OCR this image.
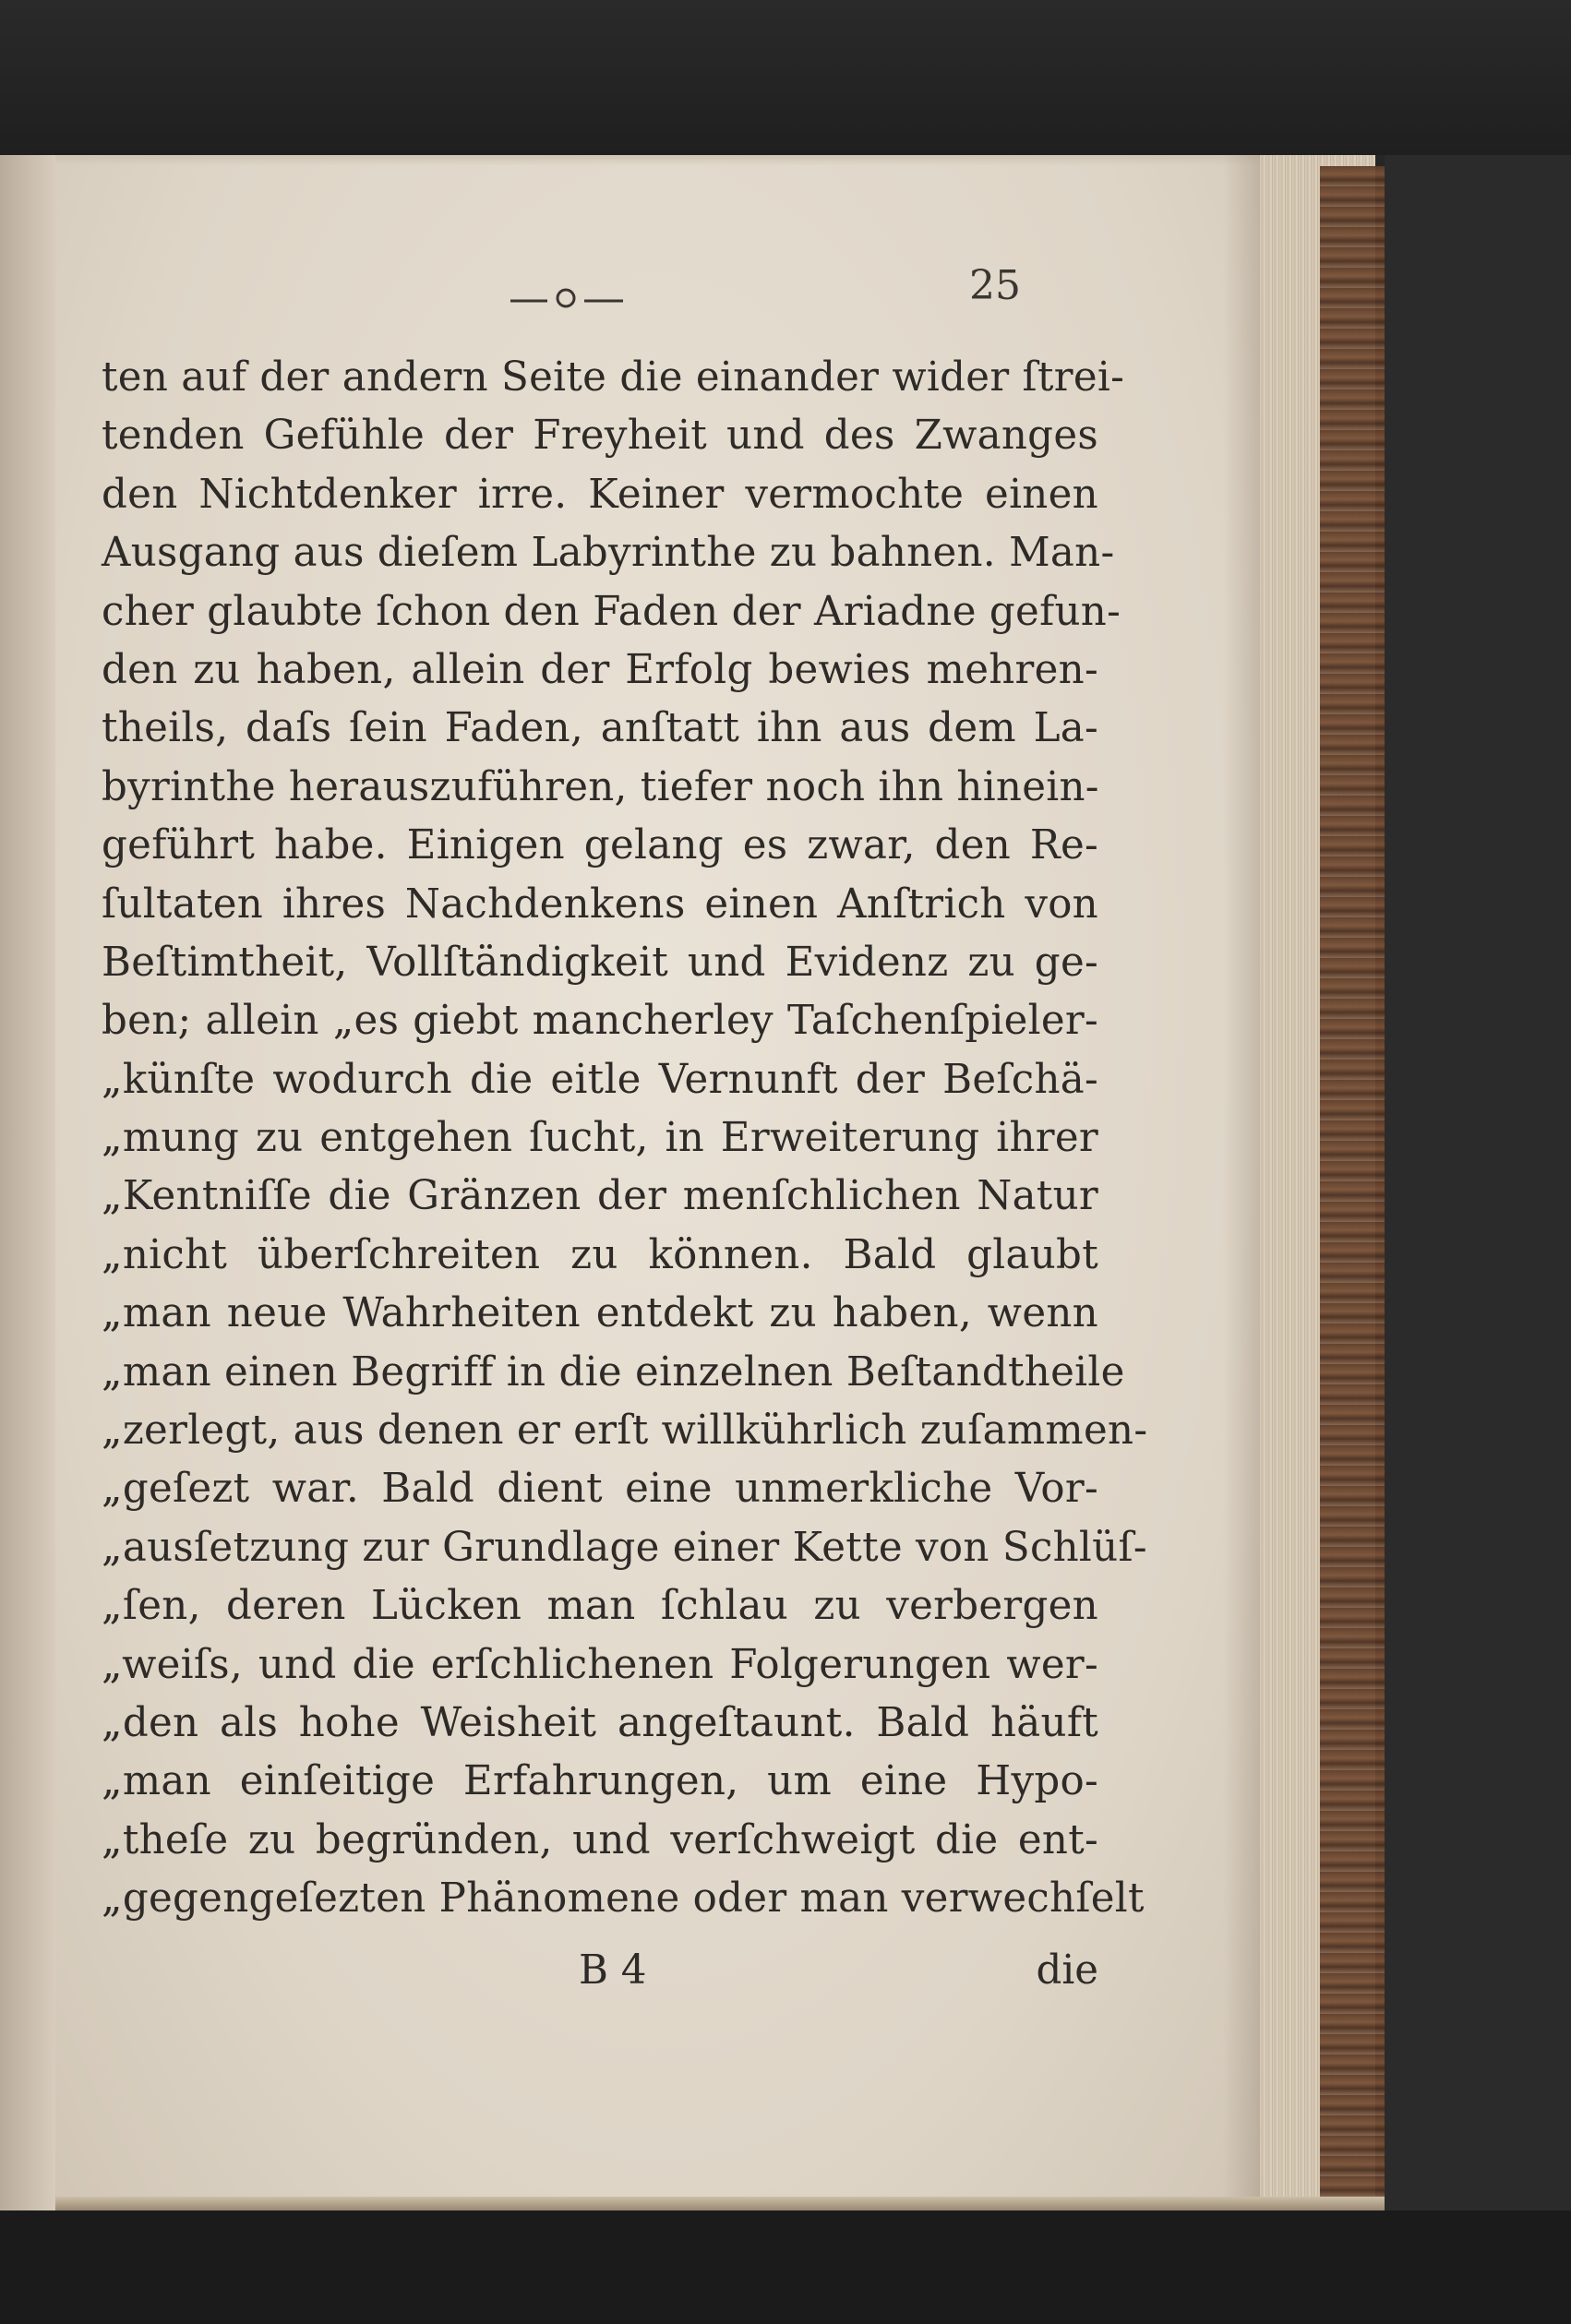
25
ten auf der andern Seite die einander wider ſtrei-
tenden Gefühle der Freyheit und des Zwanges
den Nichtdenker irre. Keiner vermochte einen
Ausgang aus dieſem Labyrinthe zu bahnen. Man-
cher glaubte ſchon den Faden der Ariadne gefun-
den zu haben, allein der Erfolg bewies mehren-
theils, daſs ſein Faden, anſtatt ihn aus dem La-
byrinthe herauszuführen, tiefer noch ihn hinein-
geführt habe. Einigen gelang es zwar, den Re-
ſultaten ihres Nachdenkens einen Anſtrich von
Beſtimtheit, Vollſtändigkeit und Evidenz zu ge-
ben; allein „es giebt mancherley Taſchenſpieler-
„künſte wodurch die eitle Vernunft der Beſchä-
„mung zu entgehen ſucht, in Erweiterung ihrer
„Kentniſſe die Gränzen der menſchlichen Natur
„nicht überſchreiten zu können. Bald glaubt
„man neue Wahrheiten entdekt zu haben, wenn
„man einen Begriff in die einzelnen Beſtandtheile
„zerlegt, aus denen er erſt willkührlich zuſammen-
„geſezt war. Bald dient eine unmerkliche Vor-
„ausſetzung zur Grundlage einer Kette von Schlüſ-
„ſen, deren Lücken man ſchlau zu verbergen
„weiſs, und die erſchlichenen Folgerungen wer-
„den als hohe Weisheit angeſtaunt. Bald häuft
„man einſeitige Erfahrungen, um eine Hypo-
„theſe zu begründen, und verſchweigt die ent-
„gegengeſezten Phänomene oder man verwechſelt
B 4	die
